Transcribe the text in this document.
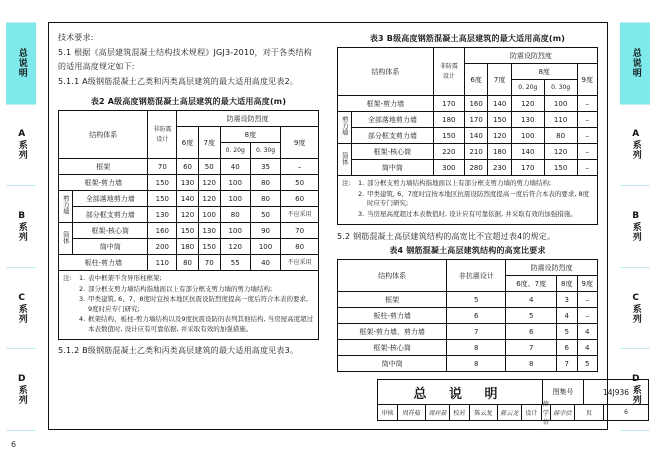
总说明
A系列
B系列
C系列
D系列
总说明
A系列
B系列
C系列
D系列

技术要求:

5.1 根据《高层建筑混凝土结构技术规程》JGJ3-2010，对于各类结构的适用高度规定如下:

5.1.1 A级钢筋混凝土乙类和丙类高层建筑的最大适用高度见表2。

表2 A级高度钢筋混凝土高层建筑的最大适用高度(m)
结构体系		非防震
设计	防震设防烈度				
			6度	7度	8度		9度
					0. 20g	0. 30g	
框架		70	60	50	40	35	–
框架-剪力墙		150	130	120	100	80	50
剪力墙	全部落地剪力墙	150	140	120	100	80	60
	部分框支剪力墙	130	120	100	80	50	不应采用
筒体	框架-核心筒	160	150	130	100	90	70
	筒中筒	200	180	150	120	100	80
板柱-剪力墙		110	80	70	55	40	不应采用
注:	1. 表中框架不含异形柱框架;
2. 部分框支剪力墙结构指地面以上有部分框支剪力墙的剪力墙结构;
3. 甲类建筑, 6、7、8度时宜按本地区抗震设防烈度提高一度后符合本表的要求, 9度时应专门研究;
4. 框架结构、板柱-剪力墙结构以及9度抗震设防的表列其他结构, 当房屋高度超过本表数值时, 设计应有可靠依据, 并采取有效的加强措施。

5.1.2 B级钢筋混凝土乙类和丙类高层建筑的最大适用高度见表3。

表3 B级高度钢筋混凝土高层建筑的最大适用高度(m)
结构体系		非防震
设计	防震设防烈度				
			6度	7度	8度		9度
					0. 20g	0. 30g	
框架-剪力墙		170	160	140	120	100	–
剪力墙	全部落地剪力墙	180	170	150	130	110	–
	部分框支剪力墙	150	140	120	100	80	–
筒体	框架-核心筒	220	210	180	140	120	–
	筒中筒	300	280	230	170	150	–
注:	1. 部分框支剪力墙结构指地面以上有部分框支剪力墙的剪力墙结构;
2. 甲类建筑, 6、7度时宜按本地区抗震设防烈度提高一度后符合本表的要求, 8度时应专门研究;
3. 当房屋高度超过本表数值时, 设计应有可靠依据, 并采取有效的加强措施。

5.2 钢筋混凝土高层建筑结构的高宽比不宜超过表4的规定。

表4 钢筋混凝土高层建筑结构的高宽比要求
结构体系	非抗震设计	防震设防烈度		
		6度、7度	8度	9度
框架	5	4	3	–
板柱-剪力墙	6	5	4	–
框架-剪力墙、剪力墙	7	6	5	4
框架-核心筒	8	7	6	4
筒中筒	8	8	7	5
总 说 明	图集号	14J936
审核	周祥茹	周祥茹	校对	陈云龙	陈云龙	设计
薛学信
薛学信	页	6
6
